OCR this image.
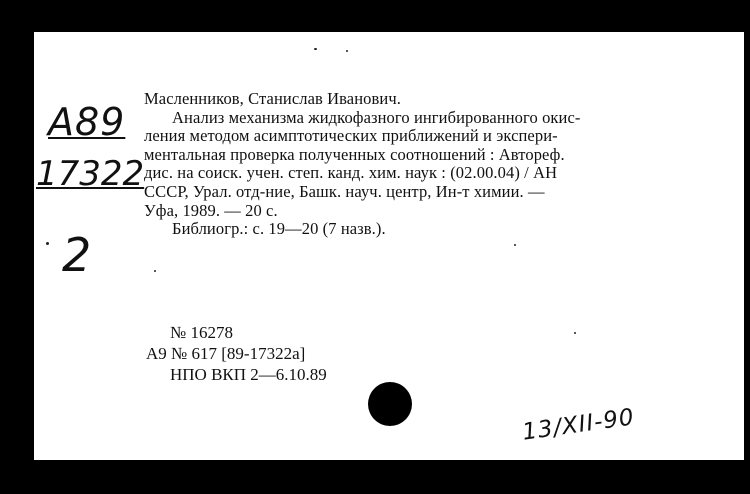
А89
17322
2
Масленников, Станислав Иванович.
Анализ механизма жидкофазного ингибированного окис-
ления методом асимптотических приближений и экспери-
ментальная проверка полученных соотношений : Автореф.
дис. на соиск. учен. степ. канд. хим. наук : (02.00.04) / АН
СССР, Урал. отд-ние, Башк. науч. центр, Ин-т химии. —
Уфа, 1989. — 20 с.
Библиогр.: с. 19—20 (7 назв.).
№ 16278
А9 № 617 [89-17322а]
НПО ВКП 2—6.10.89
13/XII-90
